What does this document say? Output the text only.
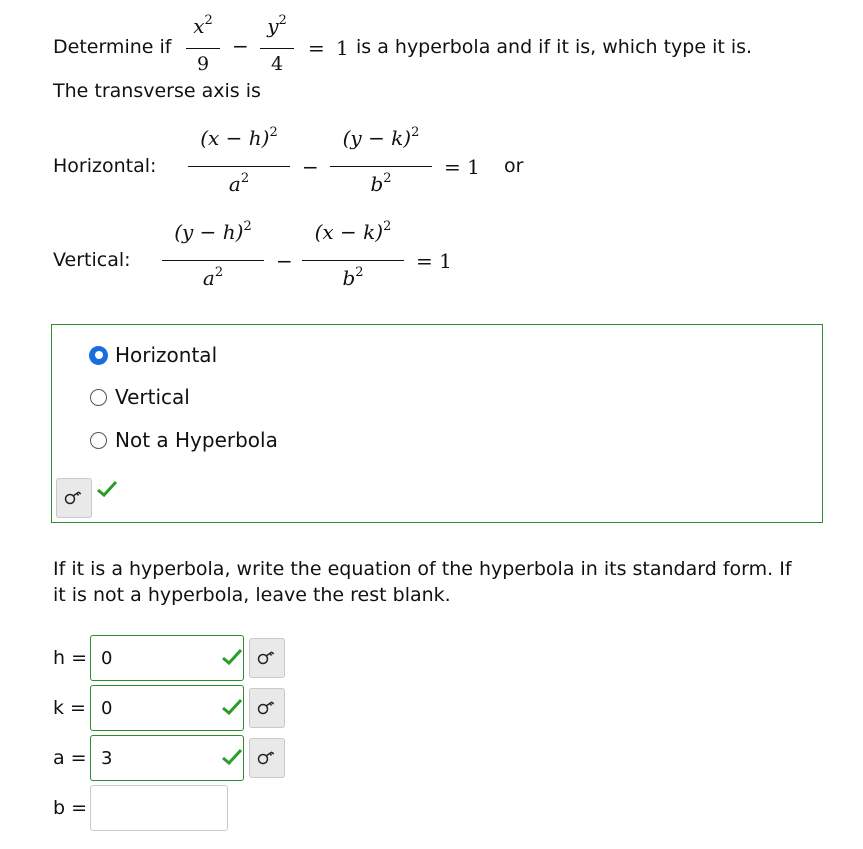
Determine if
$x^2$
9
−
$y^2$
4
= 1 is a hyperbola and if it is, which type it is.
The transverse axis is
Horizontal:
$(x - h)^2$
$a^2$	−
$(y - k)^2$
$b^2$	= 1 or
Vertical:
$(y - h)^2$
$a^2$	−
$(x - k)^2$
$b^2$	= 1
Horizontal
Vertical
Not a Hyperbola
If it is a hyperbola, write the equation of the hyperbola in its standard form. If it is not a hyperbola, leave the rest blank.
h = 0
k = 0
a = 3
b =
